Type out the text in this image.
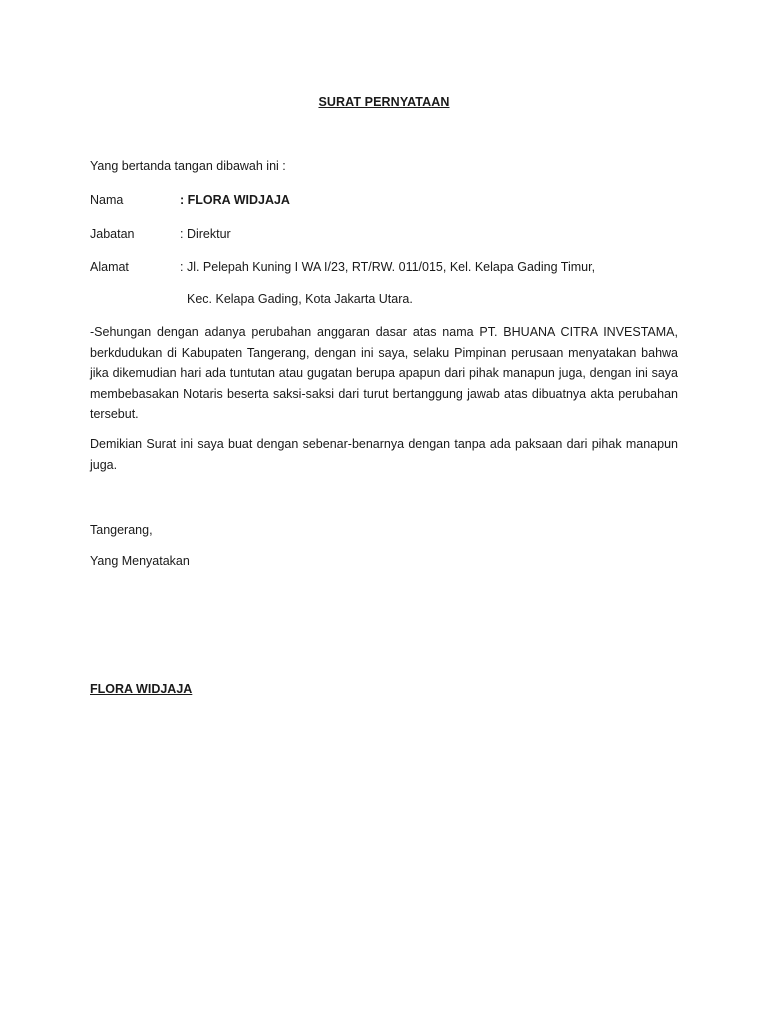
SURAT PERNYATAAN
Yang bertanda tangan dibawah ini :
Nama	: FLORA WIDJAJA
Jabatan	: Direktur
Alamat	: Jl. Pelepah Kuning I WA I/23, RT/RW. 011/015, Kel. Kelapa Gading Timur,
Kec. Kelapa Gading, Kota Jakarta Utara.

-Sehungan dengan adanya perubahan anggaran dasar atas nama PT. BHUANA CITRA INVESTAMA, berkdudukan di Kabupaten Tangerang, dengan ini saya, selaku Pimpinan perusaan menyatakan bahwa jika dikemudian hari ada tuntutan atau gugatan berupa apapun dari pihak manapun juga, dengan ini saya membebasakan Notaris beserta saksi-saksi dari turut bertanggung jawab atas dibuatnya akta perubahan tersebut.

Demikian Surat ini saya buat dengan sebenar-benarnya dengan tanpa ada paksaan dari pihak manapun juga.

Tangerang,
Yang Menyatakan
FLORA WIDJAJA
